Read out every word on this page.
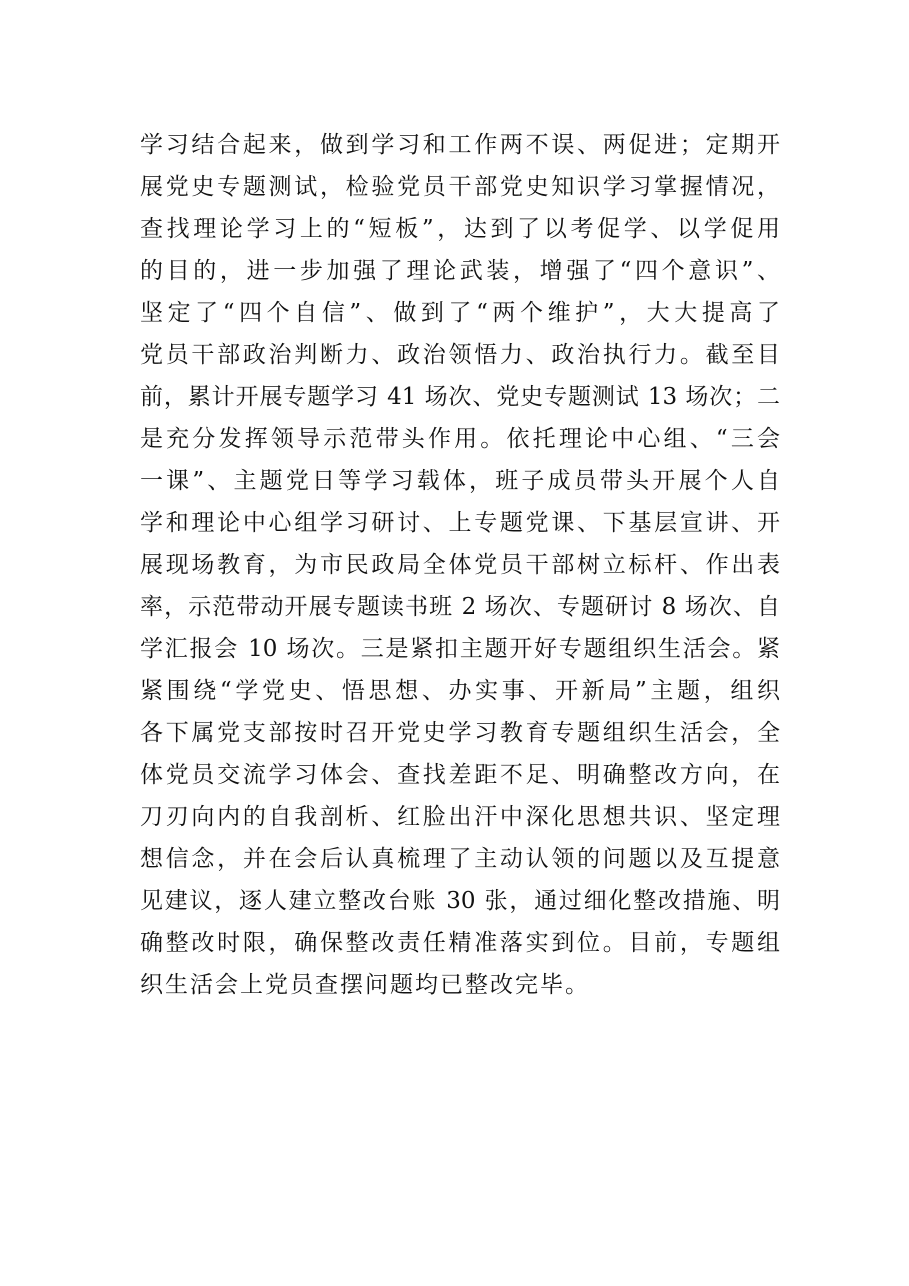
学习结合起来，做到学习和工作两不误、两促进；定期开
展党史专题测试，检验党员干部党史知识学习掌握情况，
查找理论学习上的“短板”，达到了以考促学、以学促用
的目的，进一步加强了理论武装，增强了“四个意识”、
坚定了“四个自信”、做到了“两个维护”，大大提高了
党员干部政治判断力、政治领悟力、政治执行力。截至目
前，累计开展专题学习 41 场次、党史专题测试 13 场次；二
是充分发挥领导示范带头作用。依托理论中心组、“三会
一课”、主题党日等学习载体，班子成员带头开展个人自
学和理论中心组学习研讨、上专题党课、下基层宣讲、开
展现场教育，为市民政局全体党员干部树立标杆、作出表
率，示范带动开展专题读书班 2 场次、专题研讨 8 场次、自
学汇报会 10 场次。三是紧扣主题开好专题组织生活会。紧
紧围绕“学党史、悟思想、办实事、开新局”主题，组织
各下属党支部按时召开党史学习教育专题组织生活会，全
体党员交流学习体会、查找差距不足、明确整改方向，在
刀刃向内的自我剖析、红脸出汗中深化思想共识、坚定理
想信念，并在会后认真梳理了主动认领的问题以及互提意
见建议，逐人建立整改台账 30 张，通过细化整改措施、明
确整改时限，确保整改责任精准落实到位。目前，专题组
织生活会上党员查摆问题均已整改完毕。
